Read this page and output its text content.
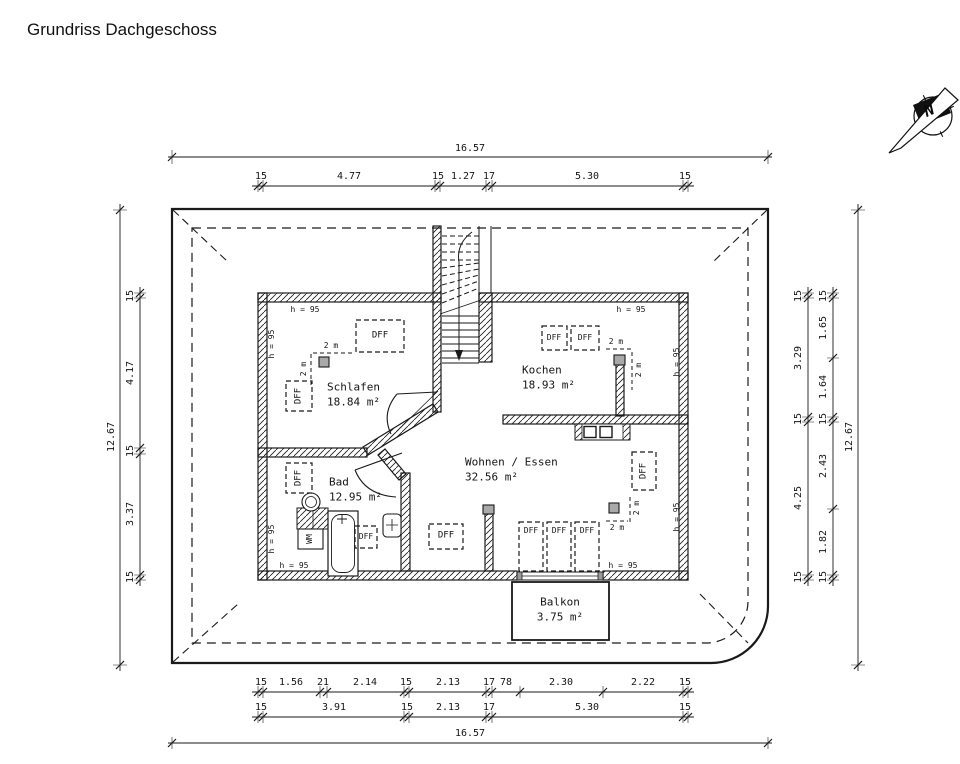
Grundriss Dachgeschoss
N
Schlafen
18.84 m²
Kochen
18.93 m²
Wohnen / Essen
32.56 m²
Bad
12.95 m²
Balkon
3.75 m²
DFF
DFF
DFF
DFF	DFF
DFF DFF
DFF
DFF DFF DFF
WM
h = 95
h = 95
h = 95
h = 95
h = 95
h = 95
h = 95
h = 95
2 m
2 m
2 m
2 m
2 m
2 m
16.57
15	4.77	15 1.27 17	5.30	15
15 1.56 21 2.14 15 2.13 17 78	2.30	2.22 15
15	3.91	15 2.13 17	5.30	15
16.57
12.67
15
4.17
15
3.37
15
15
3.29
15
4.25
15
15
1.65
1.64
15
2.43
1.82
15
12.67
